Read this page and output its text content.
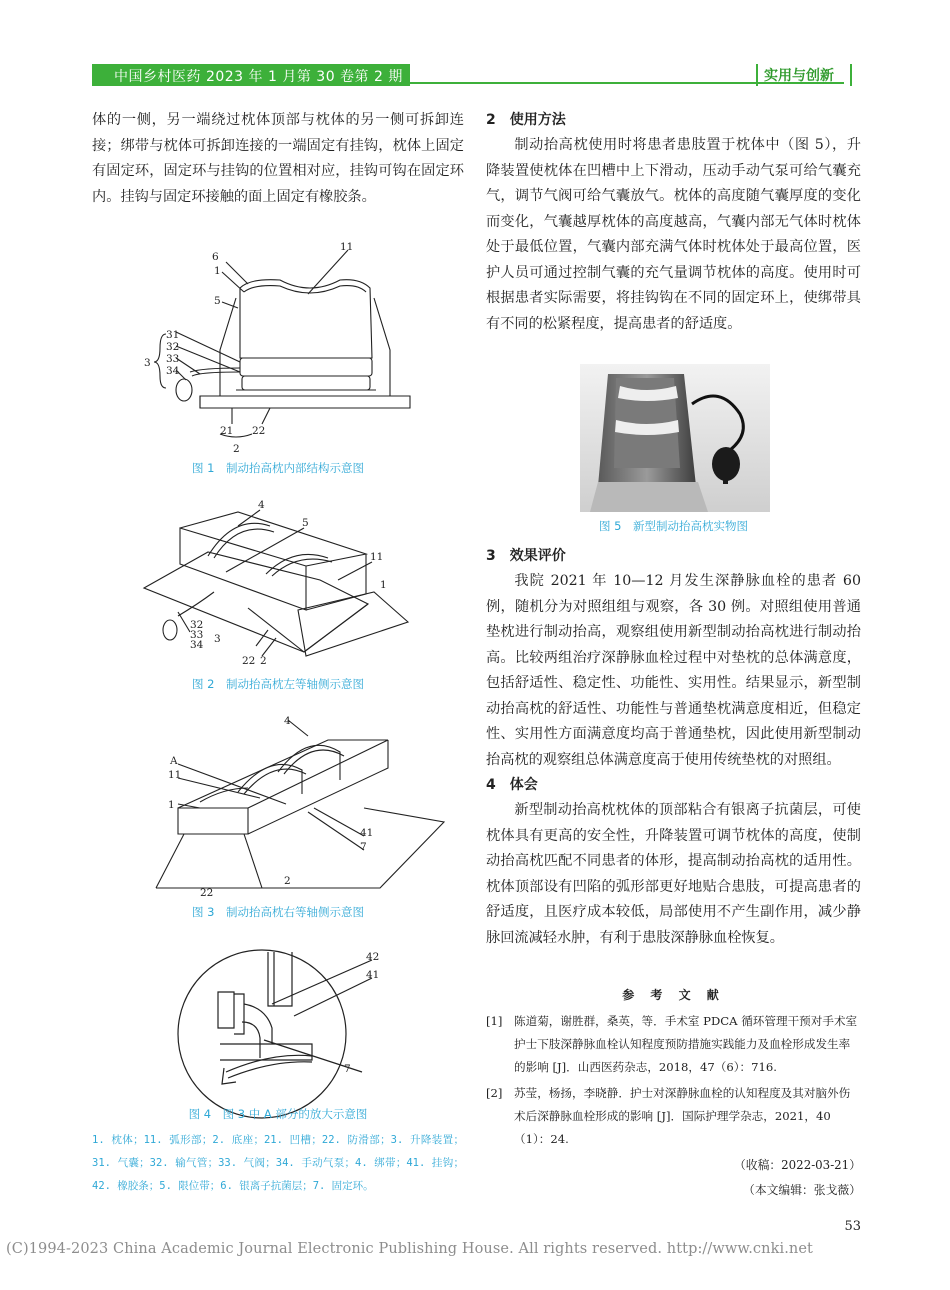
中国乡村医药 2023 年 1 月第 30 卷第 2 期	实用与创新

体的一侧，另一端绕过枕体顶部与枕体的另一侧可拆卸连接；绑带与枕体可拆卸连接的一端固定有挂钩，枕体上固定有固定环，固定环与挂钩的位置相对应，挂钩可钩在固定环内。挂钩与固定环接触的面上固定有橡胶条。

6
11
1
5
3
31
32
33
34
21 22
2
图 1　制动抬高枕内部结构示意图
4
5
11
1
32
33
34 3
22 2
图 2　制动抬高枕左等轴侧示意图
4
A
11
1
41
7
2
22
图 3　制动抬高枕右等轴侧示意图
42
41
7
图 4　图 3 中 A 部分的放大示意图
1. 枕体；11. 弧形部；2. 底座；21. 凹槽；22. 防滑部；3. 升降装置；31. 气囊；32. 输气管；33. 气阀；34. 手动气泵；4. 绑带；41. 挂钩；42. 橡胶条；5. 限位带；6. 银离子抗菌层；7. 固定环。
2　使用方法

制动抬高枕使用时将患者患肢置于枕体中（图 5），升降装置使枕体在凹槽中上下滑动，压动手动气泵可给气囊充气，调节气阀可给气囊放气。枕体的高度随气囊厚度的变化而变化，气囊越厚枕体的高度越高，气囊内部无气体时枕体处于最低位置，气囊内部充满气体时枕体处于最高位置，医护人员可通过控制气囊的充气量调节枕体的高度。使用时可根据患者实际需要，将挂钩钩在不同的固定环上，使绑带具有不同的松紧程度，提高患者的舒适度。

图 5　新型制动抬高枕实物图
3　效果评价

我院 2021 年 10—12 月发生深静脉血栓的患者 60 例，随机分为对照组组与观察，各 30 例。对照组使用普通垫枕进行制动抬高，观察组使用新型制动抬高枕进行制动抬高。比较两组治疗深静脉血栓过程中对垫枕的总体满意度，包括舒适性、稳定性、功能性、实用性。结果显示，新型制动抬高枕的舒适性、功能性与普通垫枕满意度相近，但稳定性、实用性方面满意度均高于普通垫枕，因此使用新型制动抬高枕的观察组总体满意度高于使用传统垫枕的对照组。

4　体会

新型制动抬高枕枕体的顶部粘合有银离子抗菌层，可使枕体具有更高的安全性，升降装置可调节枕体的高度，使制动抬高枕匹配不同患者的体形，提高制动抬高枕的适用性。枕体顶部设有凹陷的弧形部更好地贴合患肢，可提高患者的舒适度，且医疗成本较低，局部使用不产生副作用，减少静脉回流减轻水肿，有利于患肢深静脉血栓恢复。

参 考 文 献
[1] 陈道菊，谢胜群，桑英，等．手术室 PDCA 循环管理干预对手术室护士下肢深静脉血栓认知程度预防措施实践能力及血栓形成发生率的影响 [J]．山西医药杂志，2018，47（6）：716.
[2] 苏莹，杨扬，李晓静．护士对深静脉血栓的认知程度及其对脑外伤术后深静脉血栓形成的影响 [J]．国际护理学杂志，2021，40（1）：24.
（收稿：2022-03-21）
（本文编辑：张戈薇）
53
(C)1994-2023 China Academic Journal Electronic Publishing House. All rights reserved. http://www.cnki.net
